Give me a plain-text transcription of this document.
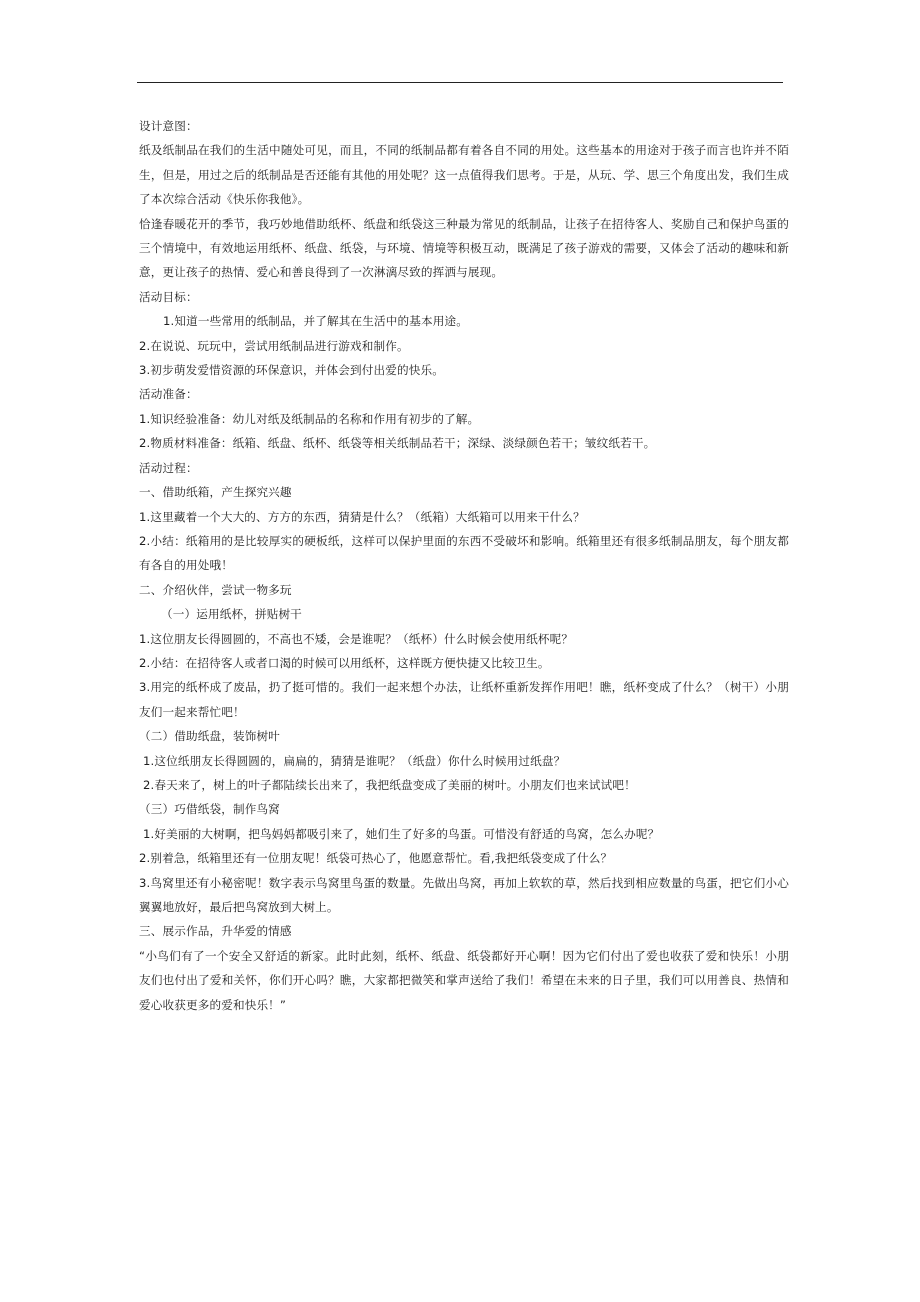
设计意图：

纸及纸制品在我们的生活中随处可见，而且，不同的纸制品都有着各自不同的用处。这些基本的用途对于孩子而言也许并不陌生，但是，用过之后的纸制品是否还能有其他的用处呢？这一点值得我们思考。于是，从玩、学、思三个角度出发，我们生成了本次综合活动《快乐你我他》。

恰逢春暖花开的季节，我巧妙地借助纸杯、纸盘和纸袋这三种最为常见的纸制品，让孩子在招待客人、奖励自己和保护鸟蛋的三个情境中，有效地运用纸杯、纸盘、纸袋，与环境、情境等积极互动，既满足了孩子游戏的需要，又体会了活动的趣味和新意，更让孩子的热情、爱心和善良得到了一次淋漓尽致的挥洒与展现。

活动目标：

1.知道一些常用的纸制品，并了解其在生活中的基本用途。

2.在说说、玩玩中，尝试用纸制品进行游戏和制作。

3.初步萌发爱惜资源的环保意识，并体会到付出爱的快乐。

活动准备：

1.知识经验准备：幼儿对纸及纸制品的名称和作用有初步的了解。

2.物质材料准备：纸箱、纸盘、纸杯、纸袋等相关纸制品若干；深绿、淡绿颜色若干；皱纹纸若干。

活动过程：

一、借助纸箱，产生探究兴趣

1.这里藏着一个大大的、方方的东西，猜猜是什么？（纸箱）大纸箱可以用来干什么？

2.小结：纸箱用的是比较厚实的硬板纸，这样可以保护里面的东西不受破坏和影响。纸箱里还有很多纸制品朋友，每个朋友都有各自的用处哦！

二、介绍伙伴，尝试一物多玩

（一）运用纸杯，拼贴树干

1.这位朋友长得圆圆的，不高也不矮，会是谁呢？（纸杯）什么时候会使用纸杯呢？

2.小结：在招待客人或者口渴的时候可以用纸杯，这样既方便快捷又比较卫生。

3.用完的纸杯成了废品，扔了挺可惜的。我们一起来想个办法，让纸杯重新发挥作用吧！瞧，纸杯变成了什么？（树干）小朋友们一起来帮忙吧！

（二）借助纸盘，装饰树叶

1.这位纸朋友长得圆圆的，扁扁的，猜猜是谁呢？（纸盘）你什么时候用过纸盘？

2.春天来了，树上的叶子都陆续长出来了，我把纸盘变成了美丽的树叶。小朋友们也来试试吧！

（三）巧借纸袋，制作鸟窝

1.好美丽的大树啊，把鸟妈妈都吸引来了，她们生了好多的鸟蛋。可惜没有舒适的鸟窝，怎么办呢？

2.别着急，纸箱里还有一位朋友呢！纸袋可热心了，他愿意帮忙。看,我把纸袋变成了什么？

3.鸟窝里还有小秘密呢！数字表示鸟窝里鸟蛋的数量。先做出鸟窝，再加上软软的草，然后找到相应数量的鸟蛋，把它们小心翼翼地放好，最后把鸟窝放到大树上。

三、展示作品，升华爱的情感

“小鸟们有了一个安全又舒适的新家。此时此刻，纸杯、纸盘、纸袋都好开心啊！因为它们付出了爱也收获了爱和快乐！小朋友们也付出了爱和关怀，你们开心吗？瞧，大家都把微笑和掌声送给了我们！希望在未来的日子里，我们可以用善良、热情和爱心收获更多的爱和快乐！”
